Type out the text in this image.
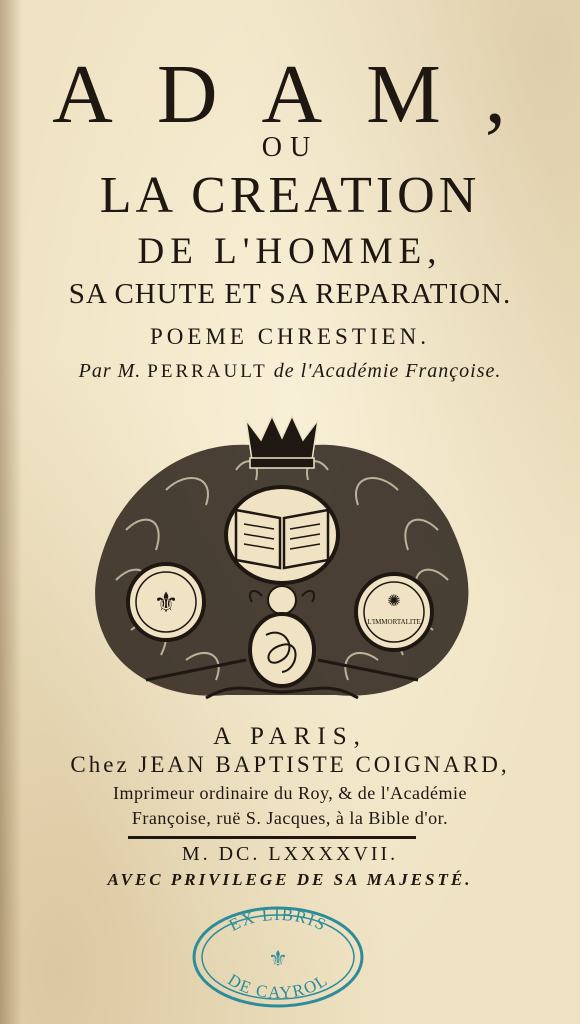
ADAM,
OU
LA CREATION
DE L'HOMME,
SA CHUTE ET SA REPARATION.
POEME CHRESTIEN.
Par M. PERRAULT de l'Académie Françoise.
⚜	✺
L'IMMORTALITE
A PARIS,
Chez JEAN BAPTISTE COIGNARD,
Imprimeur ordinaire du Roy, & de l'Académie
Françoise, ruë S. Jacques, à la Bible d'or.
M. DC. LXXXXVII.
AVEC PRIVILEGE DE SA MAJESTÉ.
EX LIBRIS
DE CAYROL
⚜
